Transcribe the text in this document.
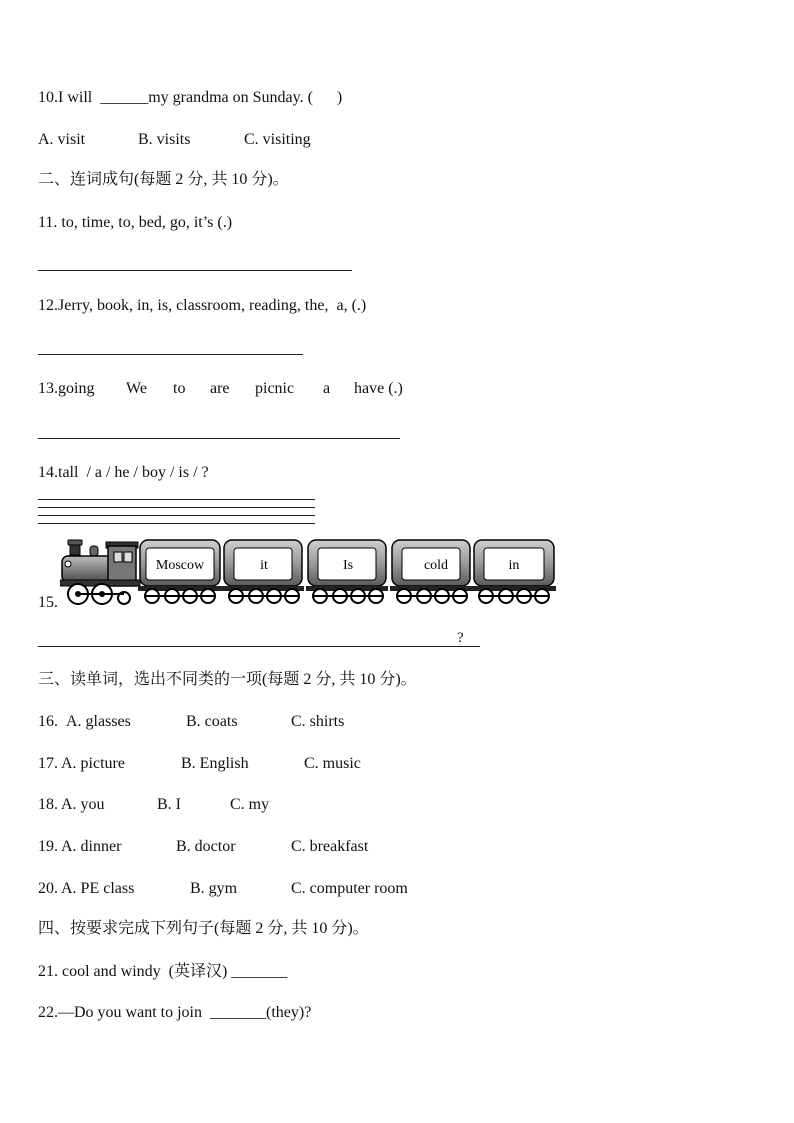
10.I will  ______my grandma on Sunday. (      )
A. visit	B. visits	C. visiting
二、连词成句(每题 2 分, 共 10 分)。
11. to, time, to, bed, go, it’s (.)
12.Jerry, book, in, is, classroom, reading, the,  a, (.)
13.going We to are picnic a have (.)
14.tall  / a / he / boy / is / ?
15.
Moscow	it	Is	cold	in
?
三、读单词，选出不同类的一项(每题 2 分, 共 10 分)。
16. A. glasses	B. coats	C. shirts
17. A. picture	B. English	C. music
18. A. you	B. I	C. my
19. A. dinner	B. doctor	C. breakfast
20. A. PE class	B. gym	C. computer room
四、按要求完成下列句子(每题 2 分, 共 10 分)。
21. cool and windy  (英译汉) _______
22.—Do you want to join  _______(they)?
